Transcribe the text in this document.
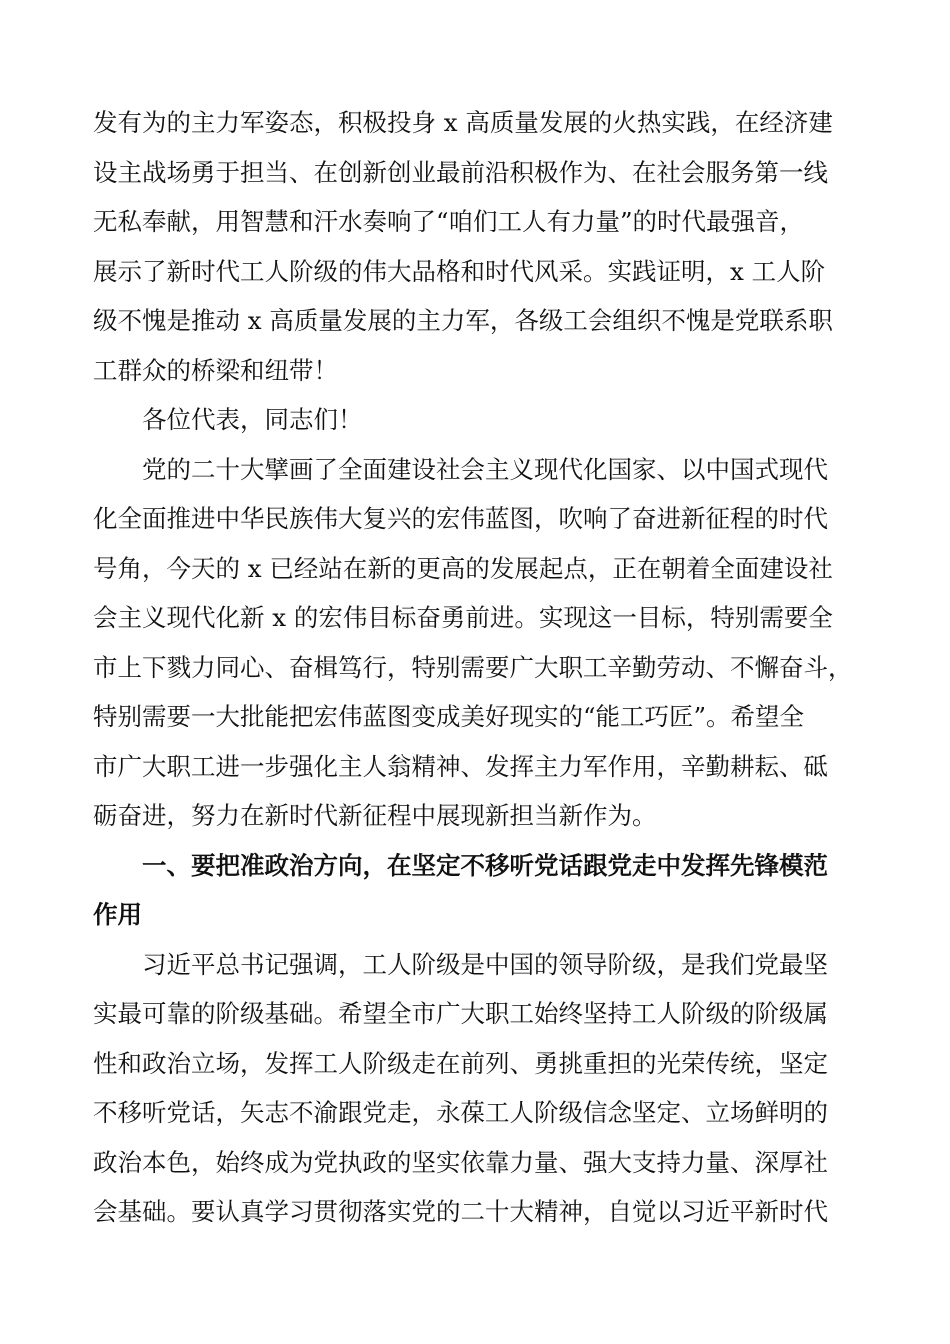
发有为的主力军姿态，积极投身 x 高质量发展的火热实践，在经济建
设主战场勇于担当、在创新创业最前沿积极作为、在社会服务第一线
无私奉献，用智慧和汗水奏响了“咱们工人有力量”的时代最强音，
展示了新时代工人阶级的伟大品格和时代风采。实践证明，x 工人阶
级不愧是推动 x 高质量发展的主力军，各级工会组织不愧是党联系职
工群众的桥梁和纽带！
各位代表，同志们！
党的二十大擘画了全面建设社会主义现代化国家、以中国式现代
化全面推进中华民族伟大复兴的宏伟蓝图，吹响了奋进新征程的时代
号角，今天的 x 已经站在新的更高的发展起点，正在朝着全面建设社
会主义现代化新 x 的宏伟目标奋勇前进。实现这一目标，特别需要全
市上下戮力同心、奋楫笃行，特别需要广大职工辛勤劳动、不懈奋斗，
特别需要一大批能把宏伟蓝图变成美好现实的“能工巧匠”。希望全
市广大职工进一步强化主人翁精神、发挥主力军作用，辛勤耕耘、砥
砺奋进，努力在新时代新征程中展现新担当新作为。
一、要把准政治方向，在坚定不移听党话跟党走中发挥先锋模范
作用
习近平总书记强调，工人阶级是中国的领导阶级，是我们党最坚
实最可靠的阶级基础。希望全市广大职工始终坚持工人阶级的阶级属
性和政治立场，发挥工人阶级走在前列、勇挑重担的光荣传统，坚定
不移听党话，矢志不渝跟党走，永葆工人阶级信念坚定、立场鲜明的
政治本色，始终成为党执政的坚实依靠力量、强大支持力量、深厚社
会基础。要认真学习贯彻落实党的二十大精神，自觉以习近平新时代
